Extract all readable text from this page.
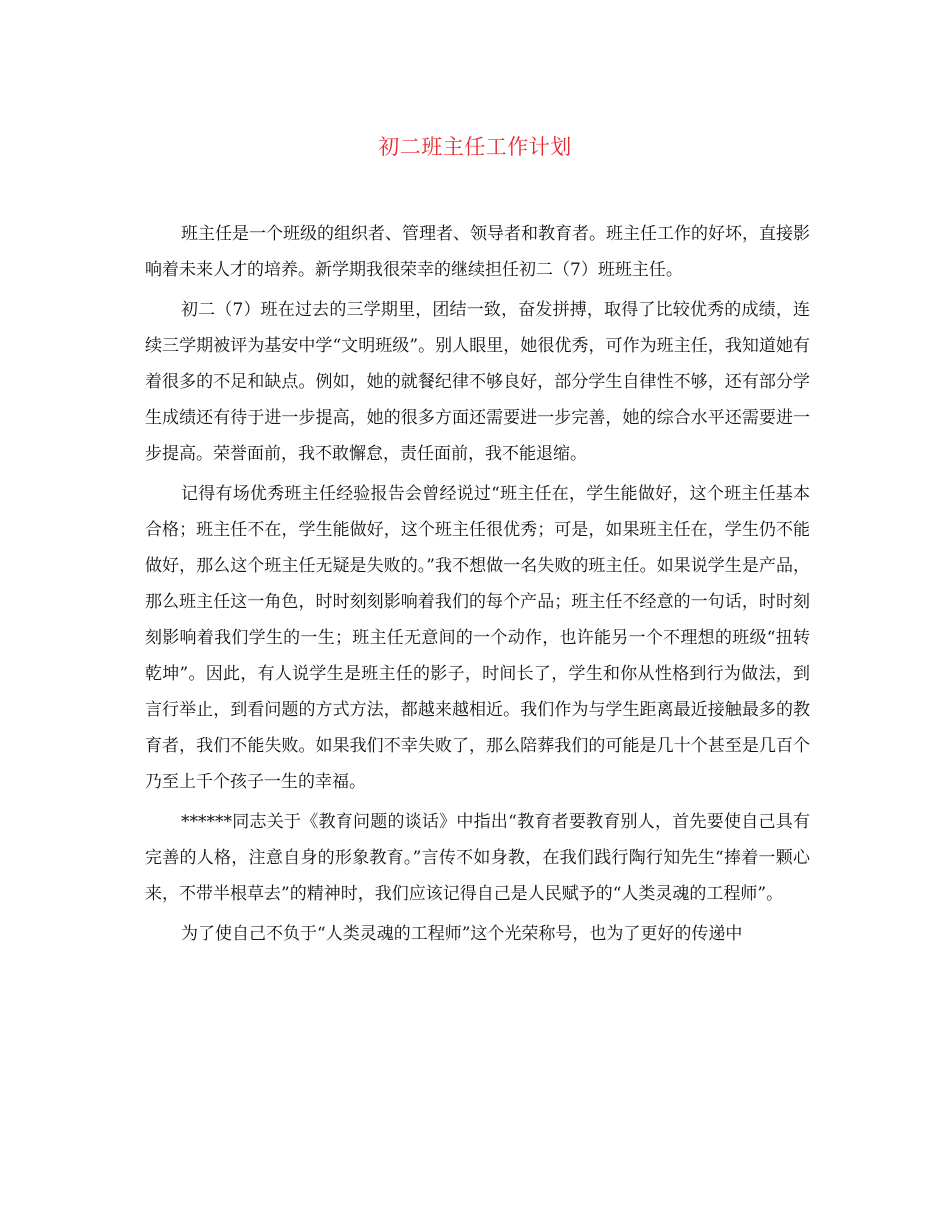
初二班主任工作计划

班主任是一个班级的组织者、管理者、领导者和教育者。班主任工作的好坏，直接影响着未来人才的培养。新学期我很荣幸的继续担任初二（7）班班主任。

初二（7）班在过去的三学期里，团结一致，奋发拼搏，取得了比较优秀的成绩，连续三学期被评为基安中学“文明班级”。别人眼里，她很优秀，可作为班主任，我知道她有着很多的不足和缺点。例如，她的就餐纪律不够良好，部分学生自律性不够，还有部分学生成绩还有待于进一步提高，她的很多方面还需要进一步完善，她的综合水平还需要进一步提高。荣誉面前，我不敢懈怠，责任面前，我不能退缩。

记得有场优秀班主任经验报告会曾经说过“班主任在，学生能做好，这个班主任基本合格；班主任不在，学生能做好，这个班主任很优秀；可是，如果班主任在，学生仍不能做好，那么这个班主任无疑是失败的。”我不想做一名失败的班主任。如果说学生是产品，那么班主任这一角色，时时刻刻影响着我们的每个产品；班主任不经意的一句话，时时刻刻影响着我们学生的一生；班主任无意间的一个动作，也许能另一个不理想的班级“扭转乾坤”。因此，有人说学生是班主任的影子，时间长了，学生和你从性格到行为做法，到言行举止，到看问题的方式方法，都越来越相近。我们作为与学生距离最近接触最多的教育者，我们不能失败。如果我们不幸失败了，那么陪葬我们的可能是几十个甚至是几百个乃至上千个孩子一生的幸福。

******同志关于《教育问题的谈话》中指出“教育者要教育别人，首先要使自己具有完善的人格，注意自身的形象教育。”言传不如身教，在我们践行陶行知先生“捧着一颗心来，不带半根草去”的精神时，我们应该记得自己是人民赋予的“人类灵魂的工程师”。

为了使自己不负于“人类灵魂的工程师”这个光荣称号，也为了更好的传递中
